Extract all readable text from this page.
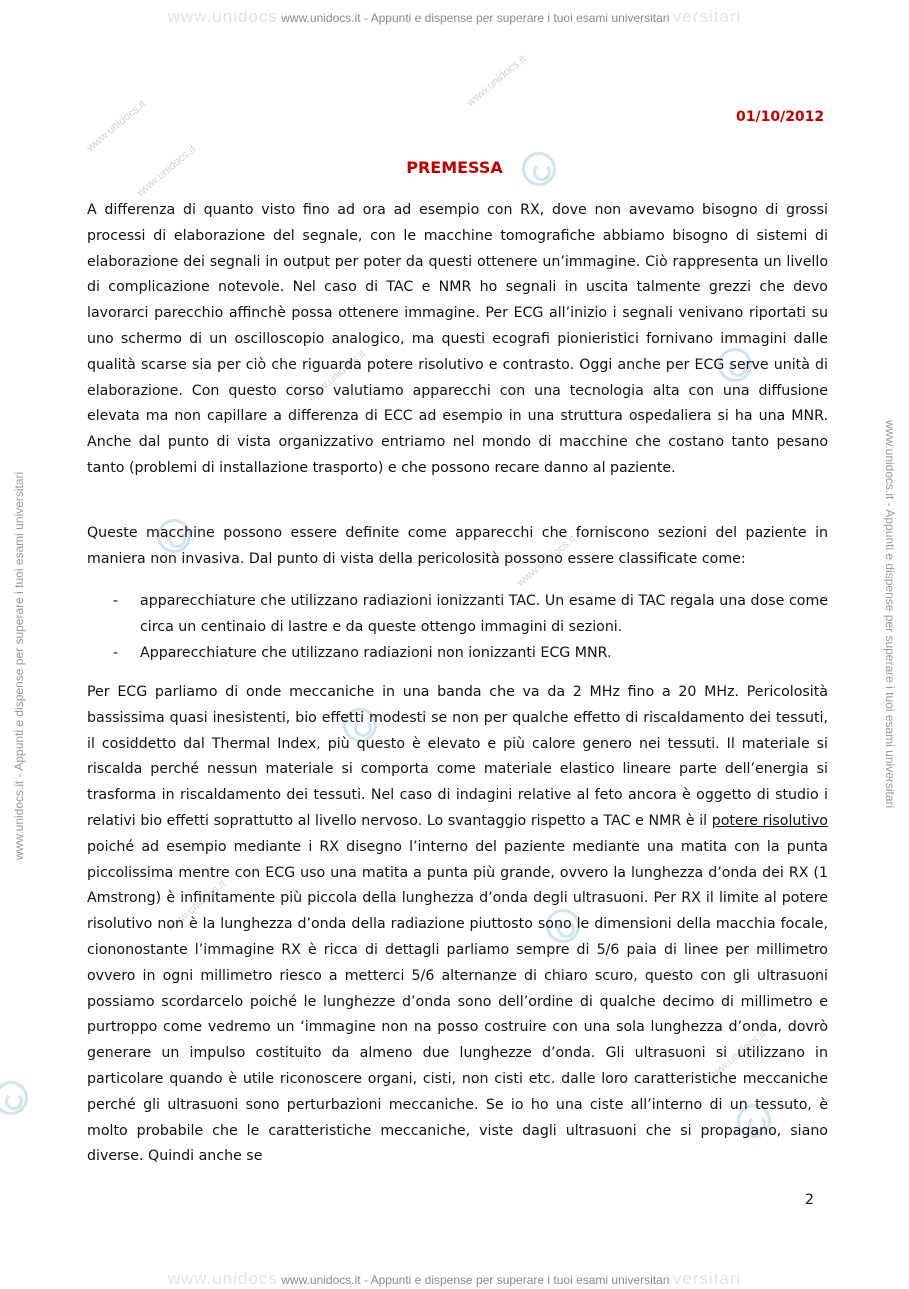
www.unidocs www.unidocs.it - Appunti e dispense per superare i tuoi esami universitari versitari
www.unidocs www.unidocs.it - Appunti e dispense per superare i tuoi esami universitari versitari
www.unidocs.it - Appunti e dispense per superare i tuoi esami universitari	www.unidocs.it - Appunti e dispense per superare i tuoi esami universitari
www.unidocs.it
www.unidocs.it
www.unidocs.it
www.unidocs.it
www.unidocs.it
www.unidocs.it
www.unidocs.it
01/10/2012
PREMESSA
A differenza di quanto visto fino ad ora ad esempio con RX, dove non avevamo bisogno di grossi processi di elaborazione del segnale, con le macchine tomografiche abbiamo bisogno di sistemi di elaborazione dei segnali in output per poter da questi ottenere un’immagine. Ciò rappresenta un livello di complicazione notevole. Nel caso di TAC e NMR ho segnali in uscita talmente grezzi che devo lavorarci parecchio affinchè possa ottenere immagine. Per ECG all’inizio i segnali venivano riportati su uno schermo di un oscilloscopio analogico, ma questi ecografi pionieristici fornivano immagini dalle qualità scarse sia per ciò che riguarda potere risolutivo e contrasto. Oggi anche per ECG serve unità di elaborazione. Con questo corso valutiamo apparecchi con una tecnologia alta con una diffusione elevata ma non capillare a differenza di ECC ad esempio in una struttura ospedaliera si ha una MNR. Anche dal punto di vista organizzativo entriamo nel mondo di macchine che costano tanto pesano tanto (problemi di installazione trasporto) e che possono recare danno al paziente.
Queste macchine possono essere definite come apparecchi che forniscono sezioni del paziente in maniera non invasiva. Dal punto di vista della pericolosità possono essere classificate come:
- apparecchiature che utilizzano radiazioni ionizzanti TAC. Un esame di TAC regala una dose come circa un centinaio di lastre e da queste ottengo immagini di sezioni.
- Apparecchiature che utilizzano radiazioni non ionizzanti ECG MNR.
Per ECG parliamo di onde meccaniche in una banda che va da 2 MHz fino a 20 MHz. Pericolosità bassissima quasi inesistenti, bio effetti modesti se non per qualche effetto di riscaldamento dei tessuti, il cosiddetto dal Thermal Index, più questo è elevato e più calore genero nei tessuti. Il materiale si riscalda perché nessun materiale si comporta come materiale elastico lineare parte dell’energia si trasforma in riscaldamento dei tessuti. Nel caso di indagini relative al feto ancora è oggetto di studio i relativi bio effetti soprattutto al livello nervoso. Lo svantaggio rispetto a TAC e NMR è il potere risolutivo poiché ad esempio mediante i RX disegno l’interno del paziente mediante una matita con la punta piccolissima mentre con ECG uso una matita a punta più grande, ovvero la lunghezza d’onda dei RX (1 Amstrong) è infinitamente più piccola della lunghezza d’onda degli ultrasuoni. Per RX il limite al potere risolutivo non è la lunghezza d’onda della radiazione piuttosto sono le dimensioni della macchia focale, ciononostante l’immagine RX è ricca di dettagli parliamo sempre di 5/6 paia di linee per millimetro ovvero in ogni millimetro riesco a metterci 5/6 alternanze di chiaro scuro, questo con gli ultrasuoni possiamo scordarcelo poiché le lunghezze d’onda sono dell’ordine di qualche decimo di millimetro e purtroppo come vedremo un ‘immagine non na posso costruire con una sola lunghezza d’onda, dovrò generare un impulso costituito da almeno due lunghezze d’onda. Gli ultrasuoni si utilizzano in particolare quando è utile riconoscere organi, cisti, non cisti etc. dalle loro caratteristiche meccaniche perché gli ultrasuoni sono perturbazioni meccaniche. Se io ho una ciste all’interno di un tessuto, è molto probabile che le caratteristiche meccaniche, viste dagli ultrasuoni che si propagano, siano diverse. Quindi anche se
2
